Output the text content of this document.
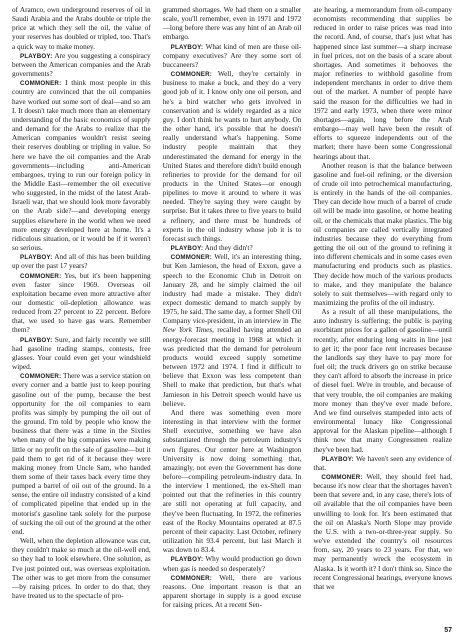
of Aramco, own underground reserves of oil in Saudi Arabia and the Arabs double or triple the price at which they sell the oil, the value of your reserves has doubled or tripled, too. That's a quick way to make money.

PLAYBOY: Are you suggesting a conspiracy between the American companies and the Arab governments?

COMMONER: I think most people in this country are convinced that the oil companies have worked out some sort of deal—and so am I. It doesn't take much more than an elementary understanding of the basic economics of supply and demand for the Arabs to realize that the American companies wouldn't resist seeing their reserves doubling or tripling in value. So here we have the oil companies and the Arab governments—including anti-American embargoes, trying to run our foreign policy in the Middle East—remember the oil executive who suggested, in the midst of the latest Arab-Israeli war, that we should look more favorably on the Arab side?—and developing energy supplies elsewhere in the world when we need more energy developed here at home. It's a ridiculous situation, or it would be if it weren't so serious.

PLAYBOY: And all of this has been building up over the past 17 years?

COMMONER: Yes, but it's been happening even faster since 1969. Overseas oil exploitation became even more attractive after our domestic oil-depletion allowance was reduced from 27 percent to 22 percent. Before that, we used to have gas wars. Remember them?

PLAYBOY: Sure, and fairly recently we still had gasoline trading stamps, contests, free glasses. Your could even get your windshield wiped.

COMMONER: There was a service station on every corner and a battle just to keep pouring gasoline out of the pump, because the best opportunity for the oil companies to earn profits was simply by pumping the oil out of the ground. I'm told by people who know the business that there was a time in the Sixties when many of the big companies were making little or no profit on the sale of gasoline—but it paid them to get rid of it because they were making money from Uncle Sam, who handed them some of their taxes back every time they pumped a barrel of oil out of the ground. In a sense, the entire oil industry consisted of a kind of complicated pipeline that ended up in the motorist's gasoline tank solely for the purpose of sucking the oil out of the ground at the other end.

Well, when the depletion allowance was cut, they couldn't make so much at the oil-well end, so they had to look elsewhere. One solution, as I've just pointed out, was overseas exploitation. The other was to get more from the consumer—by raising prices. In order to do that, they have treated us to the spectacle of pro-

grammed shortages. We had them on a smaller scale, you'll remember, even in 1971 and 1972—long before there was any hint of an Arab oil embargo.

PLAYBOY: What kind of men are these oil-company executives? Are they some sort of buccaneers?

COMMONER: Well, they're certainly in business to make a buck, and they do a very good job of it. I know only one oil person, and he's a bird watcher who gets involved in conservation and is widely regarded as a nice guy. I don't think he wants to hurt anybody. On the other hand, it's possible that he doesn't really understand what's happening. Some industry people maintain that they underestimated the demand for energy in the United States and therefore didn't build enough refineries to provide for the demand for oil products in the United States—or enough pipelines to move it around to where it was needed. They're saying they were caught by surprise. But it takes three to five years to build a refinery, and there must be hundreds of experts in the oil industry whose job it is to forecast such things.

PLAYBOY: And they didn't?

COMMONER: Well, it's an interesting thing, but Ken Jamieson, the head of Exxon, gave a speech to the Economic Club in Detroit on January 28, and he simply claimed the oil industry had made a mistake. They didn't expect domestic demand to match supply by 1975, he said. The same day, a former Shell Oil Company vice-president, in an interview in The New York Times, recalled having attended an energy-forecast meeting in 1968 at which it was predicted that the demand for petroleum products would exceed supply sometime between 1972 and 1974. I find it difficult to believe that Exxon was less competent than Shell to make that prediction, but that's what Jamieson in his Detroit speech would have us believe.

And there was something even more interesting in that interview with the former Shell executive, something we have also substantiated through the petroleum industry's own figures. Our center here at Washington University is now doing something that, amazingly, not even the Government has done before—compiling petroleum-industry data. In the interview I mentioned, the ex-Shell man pointed out that the refineries in this country are still not operating at full capacity, and they've been fluctuating. In 1972, the refineries east of the Rocky Mountains operated at 87.5 percent of their capacity. Last October, refinery utilization hit 93.4 percent, but last March it was down to 83.4.

PLAYBOY: Why would production go down when gas is needed so desperately?

COMMONER: Well, there are various reasons. One important reason is that an apparent shortage in supply is a good excuse for raising prices. At a recent Sen-

ate hearing, a memorandum from oil-company economists recommending that supplies be reduced in order to raise prices was read into the record. And, of course, that's just what has happened since last summer—a sharp increase in fuel prices, not on the basis of a scare about shortages. And sometimes it behooves the major refineries to withhold gasoline from independent merchants in order to drive them out of the market. A number of people have said the reason for the difficulties we had in 1972 and early 1973, when there were minor shortages—again, long before the Arab embargo—may well have been the result of efforts to squeeze independents out of the market; there have been some Congressional hearings about that.

Another reason is that the balance between gasoline and fuel-oil refining, or the diversion of crude oil into petrochemical manufacturing, is entirely in the hands of the oil companies. They can decide how much of a barrel of crude oil will be made into gasoline, or home heating oil, or the chemicals that make plastics. The big oil companies are called vertically integrated industries because they do everything from getting the oil out of the ground to refining it into different chemicals and in some cases even manufacturing end products such as plastics. They decide how much of the various products to make, and they manipulate the balance solely to suit themselves—with regard only to maximizing the profits of the oil industry.

As a result of all these manipulations, the auto industry is suffering; the public is paying exorbitant prices for a gallon of gasoline—until recently, after enduring long waits in line just to get it; the poor face rent increases because the landlords say they have to pay more for fuel oil; the truck drivers go on strike because they can't afford to absorb the increase in price of diesel fuel. We're in trouble, and because of that very trouble, the oil companies are making more money than they've ever made before. And we find ourselves stampeded into acts of environmental lunacy like Congressional approval for the Alaskan pipeline—although I think now that many Congressmen realize they've been had.

PLAYBOY: We haven't seen any evidence of that.

COMMONER: Well, they should feel had, because it's now clear that the shortages haven't been that severe and, in any case, there's lots of oil available that the oil companies have been unwilling to look for. It's been estimated that the oil on Alaska's North Slope may provide the U.S. with a two-or-three-year supply. So we've extended the country's oil resources from, say, 20 years to 23 years. For that, we may permanently wreck the ecosystem in Alaska. Is it worth it? I don't think so. Since the recent Congressional hearings, everyone knows that we

57
